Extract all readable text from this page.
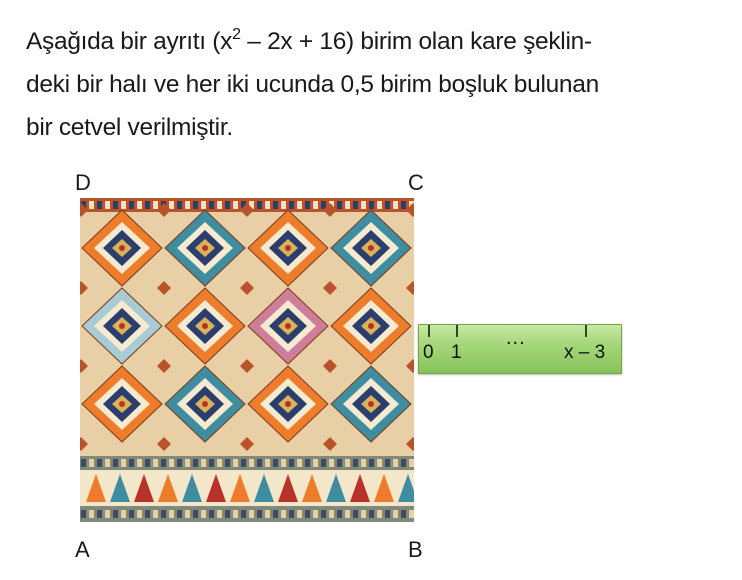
Aşağıda bir ayrıtı $(x^2 - 2x + 16)$ birim olan kare şeklin-
deki bir halı ve her iki ucunda 0,5 birim boşluk bulunan
bir cetvel verilmiştir.
D	C
A	B
0 1
...
x – 3
